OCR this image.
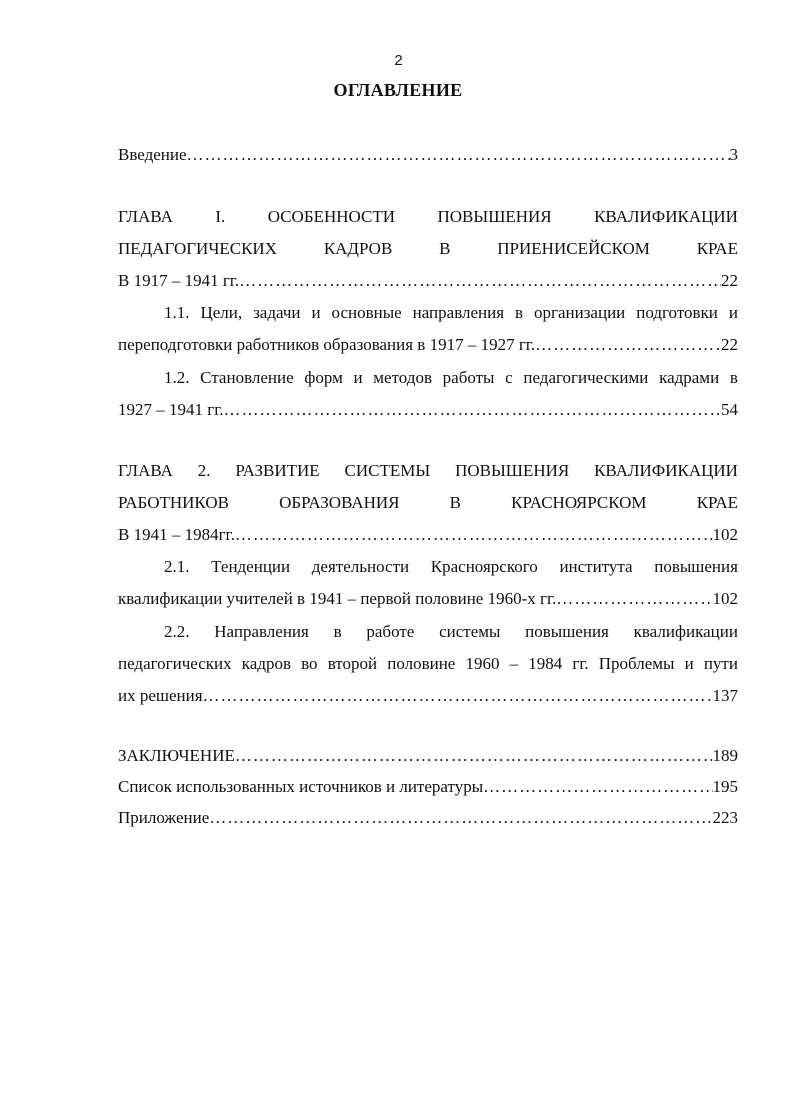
2
ОГЛАВЛЕНИЕ
Введение …………………………………………………………………………………………………………………………………………………………………………………………	3
ГЛАВА I. ОСОБЕННОСТИ ПОВЫШЕНИЯ КВАЛИФИКАЦИИ
ПЕДАГОГИЧЕСКИХ	КАДРОВ	В	ПРИЕНИСЕЙСКОМ	КРАЕ
В 1917 – 1941 гг. …………………………………………………………………………………………………………………………………………………………………………………………	22
1.1. Цели, задачи и основные направления в организации подготовки и
переподготовки работников образования в 1917 – 1927 гг. …………………………………………………………………………………………………………………………………………………………………………………………	22
1.2. Становление форм и методов работы с педагогическими кадрами в
1927 – 1941 гг. …………………………………………………………………………………………………………………………………………………………………………………………	54
ГЛАВА 2. РАЗВИТИЕ СИСТЕМЫ ПОВЫШЕНИЯ КВАЛИФИКАЦИИ
РАБОТНИКОВ	ОБРАЗОВАНИЯ	В	КРАСНОЯРСКОМ	КРАЕ
В 1941 – 1984гг. …………………………………………………………………………………………………………………………………………………………………………………………	102
2.1. Тенденции деятельности Красноярского института повышения
квалификации учителей в 1941 – первой половине 1960-х гг. …………………………………………………………………………………………………………………………………………………………………………………………	102
2.2. Направления в работе системы повышения квалификации
педагогических кадров во второй половине 1960 – 1984 гг. Проблемы и пути
их решения …………………………………………………………………………………………………………………………………………………………………………………………	137
ЗАКЛЮЧЕНИЕ …………………………………………………………………………………………………………………………………………………………………………………………	189
Список использованных источников и литературы …………………………………………………………………………………………………………………………………………………………………………………………	195
Приложение …………………………………………………………………………………………………………………………………………………………………………………………	223
